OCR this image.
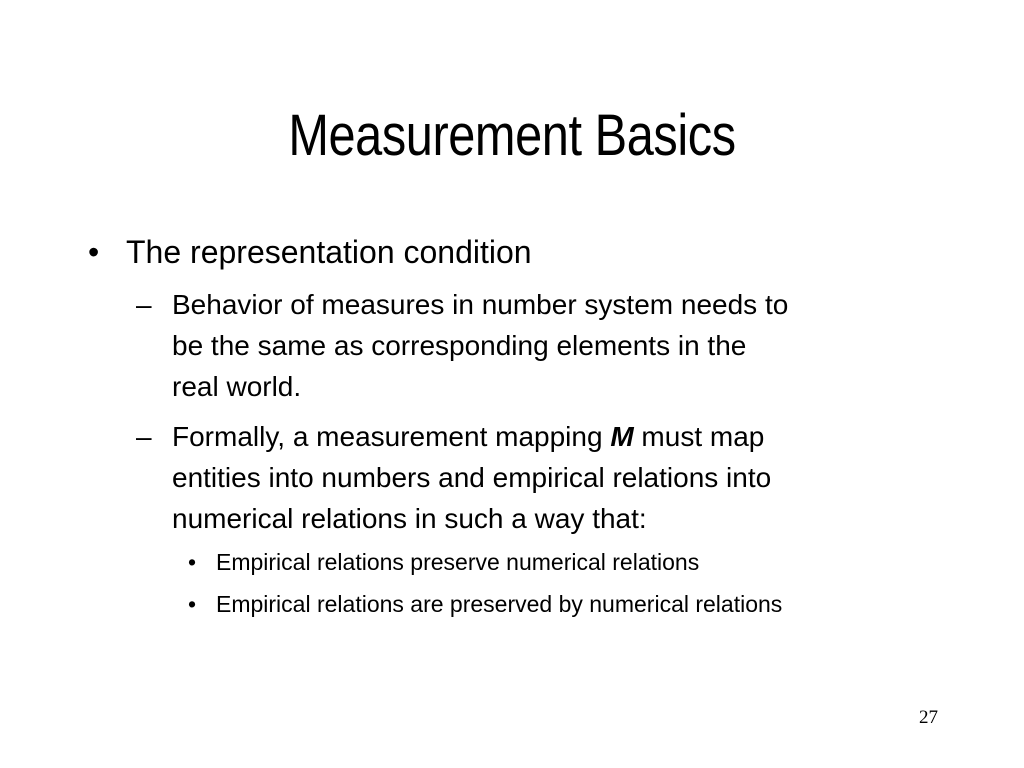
Measurement Basics
• The representation condition
– Behavior of measures in number system needs to
be the same as corresponding elements in the
real world.
– Formally, a measurement mapping M must map
entities into numbers and empirical relations into
numerical relations in such a way that:
• Empirical relations preserve numerical relations
• Empirical relations are preserved by numerical relations
27
